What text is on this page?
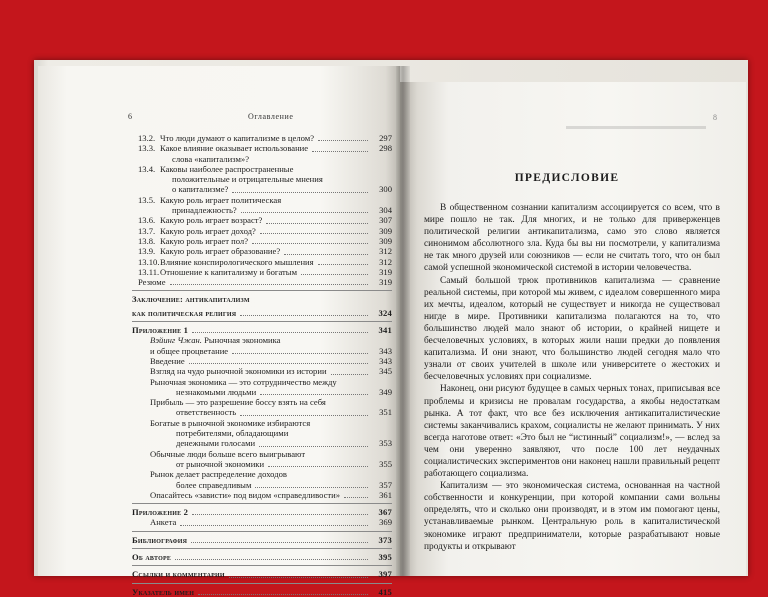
6	Оглавление
13.2. Что люди думают о капитализме в целом?	297
13.3. Какое влияние оказывает использование	298
слова «капитализм»?
13.4. Каковы наиболее распространенные
положительные и отрицательные мнения
о капитализме?	300
13.5. Какую роль играет политическая
принадлежность?	304
13.6. Какую роль играет возраст?	307
13.7. Какую роль играет доход?	309
13.8. Какую роль играет пол?	309
13.9. Какую роль играет образование?	312
13.10. Влияние конспирологического мышления	312
13.11. Отношение к капитализму и богатым	319
Резюме	319
Заключение: антикапитализм
как политическая религия	324
Приложение 1	341
Вэйинг Чжан. Рыночная экономика
и общее процветание	343
Введение	343
Взгляд на чудо рыночной экономики из истории	345
Рыночная экономика — это сотрудничество между
незнакомыми людьми	349
Прибыль — это разрешение боссу взять на себя
ответственность	351
Богатые в рыночной экономике избираются
потребителями, обладающими
денежными голосами	353
Обычные люди больше всего выигрывают
от рыночной экономики	355
Рынок делает распределение доходов
более справедливым	357
Опасайтесь «зависти» под видом «справедливости»	361
Приложение 2	367
Анкета	369
Библиография	373
Об авторе	395
Ссылки и комментарии	397
Указатель имен	415
8
ПРЕДИСЛОВИЕ

В общественном сознании капитализм ассоциируется со всем, что в мире пошло не так. Для многих, и не только для приверженцев политической религии антикапитализма, само это слово является синонимом абсолютного зла. Куда бы вы ни посмотрели, у капитализма не так много друзей или союзников — если не считать того, что он был самой успешной экономической системой в истории человечества.

Самый большой трюк противников капитализма — сравнение реальной системы, при которой мы живем, с идеалом совершенного мира их мечты, идеалом, который не существует и никогда не существовал нигде в мире. Противники капитализма полагаются на то, что большинство людей мало знают об истории, о крайней нищете и бесчеловечных условиях, в которых жили наши предки до появления капитализма. И они знают, что большинство людей сегодня мало что узнали от своих учителей в школе или университете о жестоких и бесчеловечных условиях при социализме.

Наконец, они рисуют будущее в самых черных тонах, приписывая все проблемы и кризисы не провалам государства, а якобы недостаткам рынка. А тот факт, что все без исключения антикапиталистические системы заканчивались крахом, социалисты не желают принимать. У них всегда наготове ответ: «Это был не “истинный” социализм!», — вслед за чем они уверенно заявляют, что после 100 лет неудачных социалистических экспериментов они наконец нашли правильный рецепт работающего социализма.

Капитализм — это экономическая система, основанная на частной собственности и конкуренции, при которой компании сами вольны определять, что и сколько они производят, и в этом им помогают цены, устанавливаемые рынком. Центральную роль в капиталистической экономике играют предприниматели, которые разрабатывают новые продукты и открывают
